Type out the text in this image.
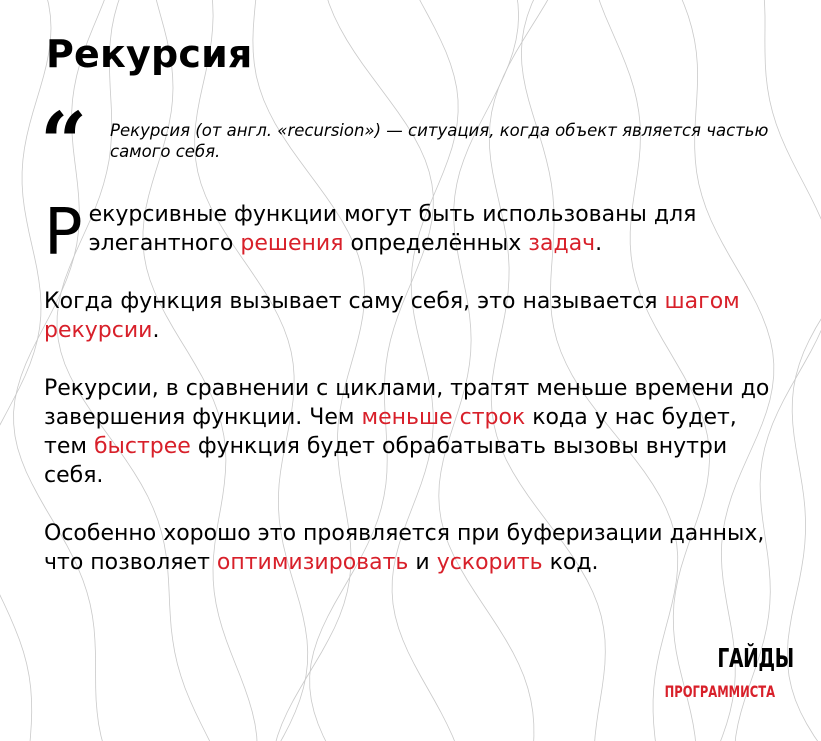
Рекурсия
“ Рекурсия (от англ. «recursion») — ситуация, когда объект является частью самого себя.

Рекурсивные функции могут быть использованы для элегантного решения определённых задач.

Когда функция вызывает саму себя, это называется шагом рекурсии.

Рекурсии, в сравнении с циклами, тратят меньше времени до завершения функции. Чем меньше строк кода у нас будет, тем быстрее функция будет обрабатывать вызовы внутри себя.

Особенно хорошо это проявляется при буферизации данных, что позволяет оптимизировать и ускорить код.

ГАЙДЫ
ПРОГРАММИСТА
